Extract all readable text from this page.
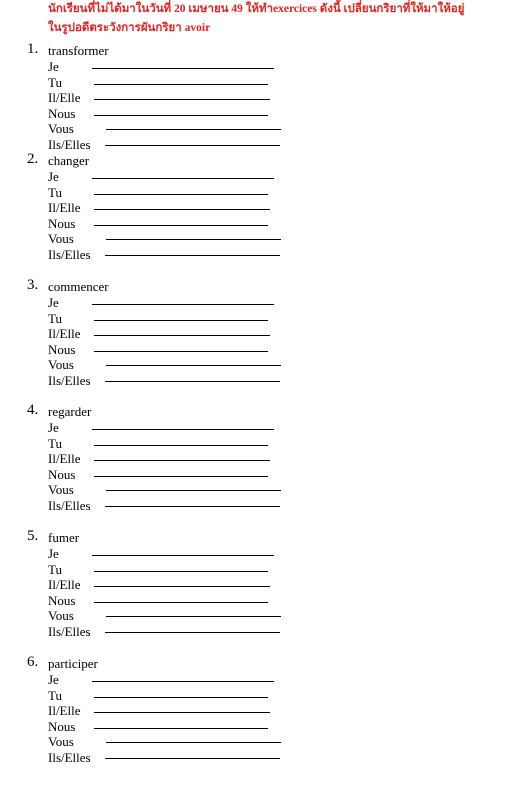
นักเรียนที่ไม่ได้มาในวันที่ 20 เมษายน 49 ให้ทำexercices ดังนี้ เปลี่ยนกริยาที่ให้มาให้อยู่
ในรูปอดีตระวังการผันกริยา avoir
1. transformer
Je
Tu
Il/Elle
Nous
Vous
Ils/Elles
2. changer
Je
Tu
Il/Elle
Nous
Vous
Ils/Elles
3. commencer
Je
Tu
Il/Elle
Nous
Vous
Ils/Elles
4. regarder
Je
Tu
Il/Elle
Nous
Vous
Ils/Elles
5. fumer
Je
Tu
Il/Elle
Nous
Vous
Ils/Elles
6. participer
Je
Tu
Il/Elle
Nous
Vous
Ils/Elles
